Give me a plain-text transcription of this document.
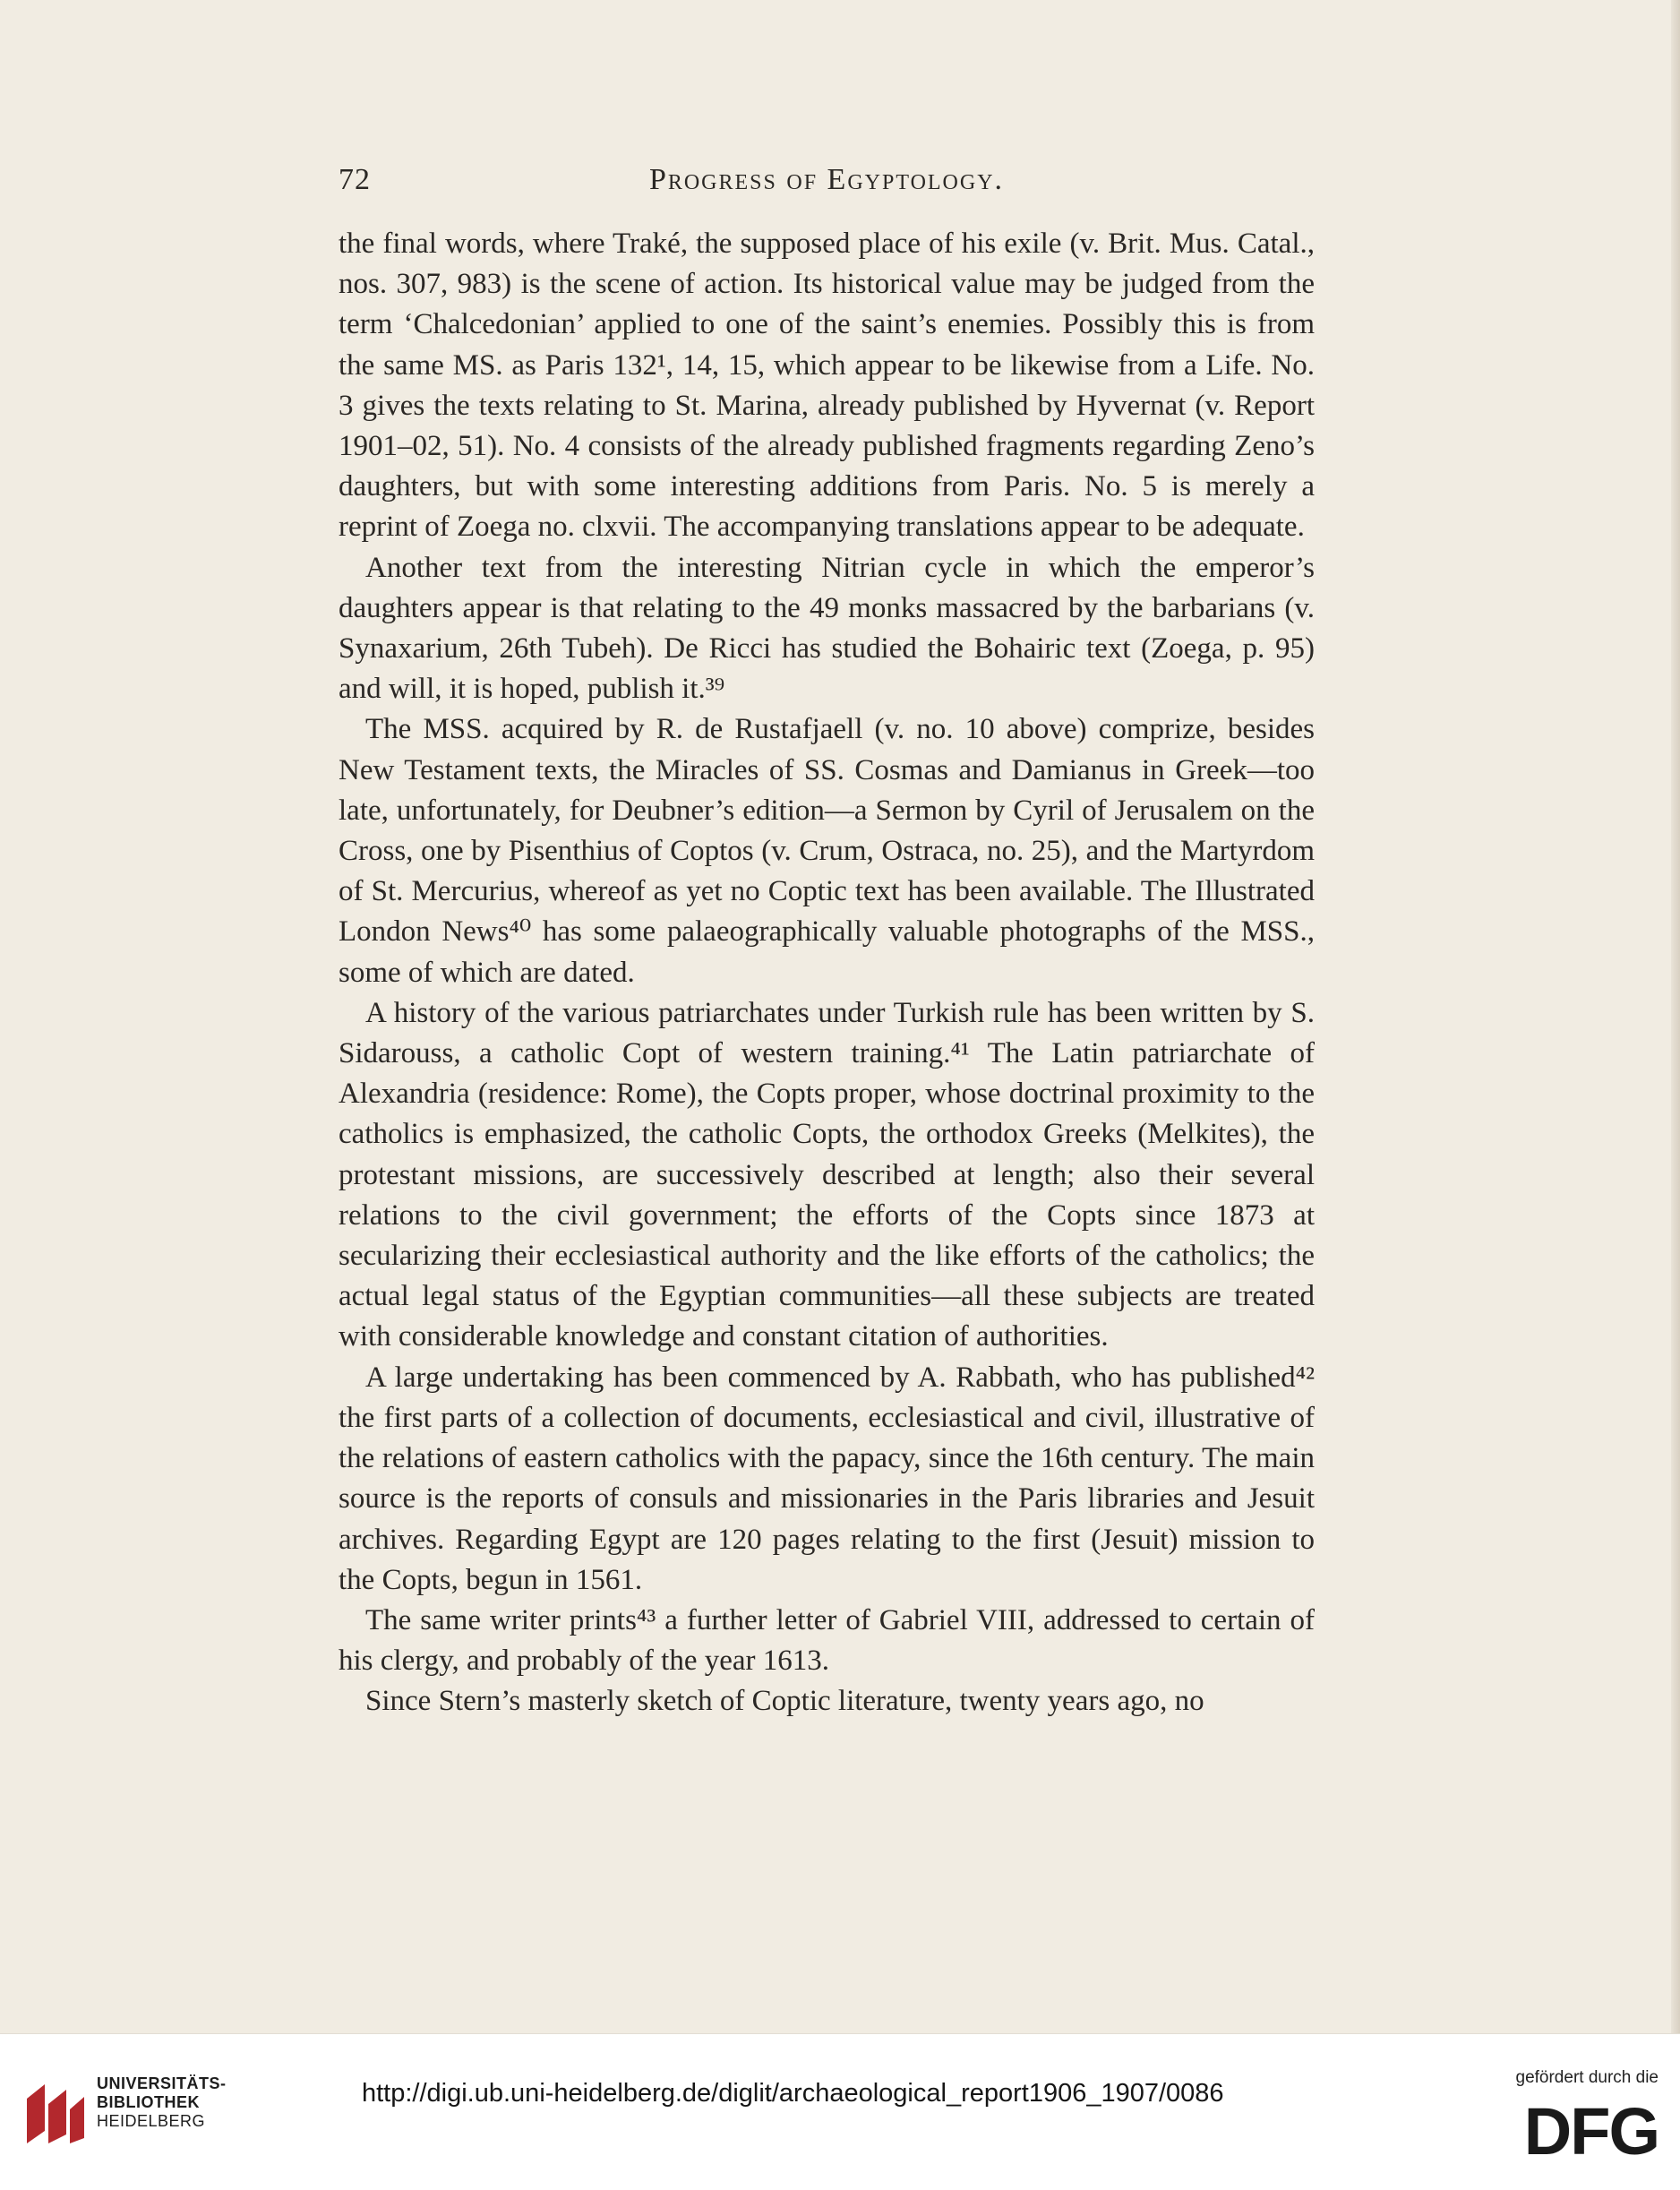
72	Progress of Egyptology.

the final words, where Traké, the supposed place of his exile (v. Brit. Mus. Catal., nos. 307, 983) is the scene of action. Its historical value may be judged from the term ‘Chalcedonian’ applied to one of the saint’s enemies. Possibly this is from the same MS. as Paris 132¹, 14, 15, which appear to be likewise from a Life. No. 3 gives the texts relating to St. Marina, already published by Hyvernat (v. Report 1901–02, 51). No. 4 consists of the already published fragments regarding Zeno’s daughters, but with some interesting additions from Paris. No. 5 is merely a reprint of Zoega no. clxvii. The accompanying translations appear to be adequate.

Another text from the interesting Nitrian cycle in which the emperor’s daughters appear is that relating to the 49 monks massacred by the barbarians (v. Synaxarium, 26th Tubeh). De Ricci has studied the Bohairic text (Zoega, p. 95) and will, it is hoped, publish it.³⁹

The MSS. acquired by R. de Rustafjaell (v. no. 10 above) comprize, besides New Testament texts, the Miracles of SS. Cosmas and Damianus in Greek—too late, unfortunately, for Deubner’s edition—a Sermon by Cyril of Jerusalem on the Cross, one by Pisenthius of Coptos (v. Crum, Ostraca, no. 25), and the Martyrdom of St. Mercurius, whereof as yet no Coptic text has been available. The Illustrated London News⁴⁰ has some palaeographically valuable photographs of the MSS., some of which are dated.

A history of the various patriarchates under Turkish rule has been written by S. Sidarouss, a catholic Copt of western training.⁴¹ The Latin patriarchate of Alexandria (residence: Rome), the Copts proper, whose doctrinal proximity to the catholics is emphasized, the catholic Copts, the orthodox Greeks (Melkites), the protestant missions, are successively described at length; also their several relations to the civil government; the efforts of the Copts since 1873 at secularizing their ecclesiastical authority and the like efforts of the catholics; the actual legal status of the Egyptian communities—all these subjects are treated with considerable knowledge and constant citation of authorities.

A large undertaking has been commenced by A. Rabbath, who has published⁴² the first parts of a collection of documents, ecclesiastical and civil, illustrative of the relations of eastern catholics with the papacy, since the 16th century. The main source is the reports of consuls and missionaries in the Paris libraries and Jesuit archives. Regarding Egypt are 120 pages relating to the first (Jesuit) mission to the Copts, begun in 1561.

The same writer prints⁴³ a further letter of Gabriel VIII, addressed to certain of his clergy, and probably of the year 1613.

Since Stern’s masterly sketch of Coptic literature, twenty years ago, no

UNIVERSITÄTS-
BIBLIOTHEK
HEIDELBERG
http://digi.ub.uni-heidelberg.de/diglit/archaeological_report1906_1907/0086
gefördert durch die
DFG
